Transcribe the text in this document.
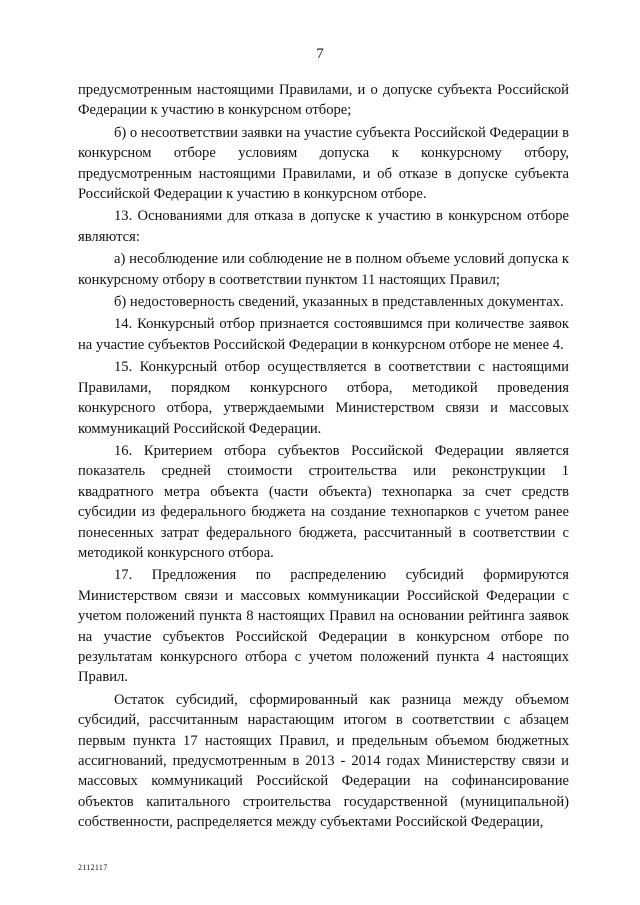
7

предусмотренным настоящими Правилами, и о допуске субъекта Российской Федерации к участию в конкурсном отборе;

б) о несоответствии заявки на участие субъекта Российской Федерации в конкурсном отборе условиям допуска к конкурсному отбору, предусмотренным настоящими Правилами, и об отказе в допуске субъекта Российской Федерации к участию в конкурсном отборе.

13. Основаниями для отказа в допуске к участию в конкурсном отборе являются:

а) несоблюдение или соблюдение не в полном объеме условий допуска к конкурсному отбору в соответствии пунктом 11 настоящих Правил;

б) недостоверность сведений, указанных в представленных документах.

14. Конкурсный отбор признается состоявшимся при количестве заявок на участие субъектов Российской Федерации в конкурсном отборе не менее 4.

15. Конкурсный отбор осуществляется в соответствии с настоящими Правилами, порядком конкурсного отбора, методикой проведения конкурсного отбора, утверждаемыми Министерством связи и массовых коммуникаций Российской Федерации.

16. Критерием отбора субъектов Российской Федерации является показатель средней стоимости строительства или реконструкции 1 квадратного метра объекта (части объекта) технопарка за счет средств субсидии из федерального бюджета на создание технопарков с учетом ранее понесенных затрат федерального бюджета, рассчитанный в соответствии с методикой конкурсного отбора.

17. Предложения по распределению субсидий формируются Министерством связи и массовых коммуникации Российской Федерации с учетом положений пункта 8 настоящих Правил на основании рейтинга заявок на участие субъектов Российской Федерации в конкурсном отборе по результатам конкурсного отбора с учетом положений пункта 4 настоящих Правил.

Остаток субсидий, сформированный как разница между объемом субсидий, рассчитанным нарастающим итогом в соответствии с абзацем первым пункта 17 настоящих Правил, и предельным объемом бюджетных ассигнований, предусмотренным в 2013 - 2014 годах Министерству связи и массовых коммуникаций Российской Федерации на софинансирование объектов капитального строительства государственной (муниципальной) собственности, распределяется между субъектами Российской Федерации,

2112117
